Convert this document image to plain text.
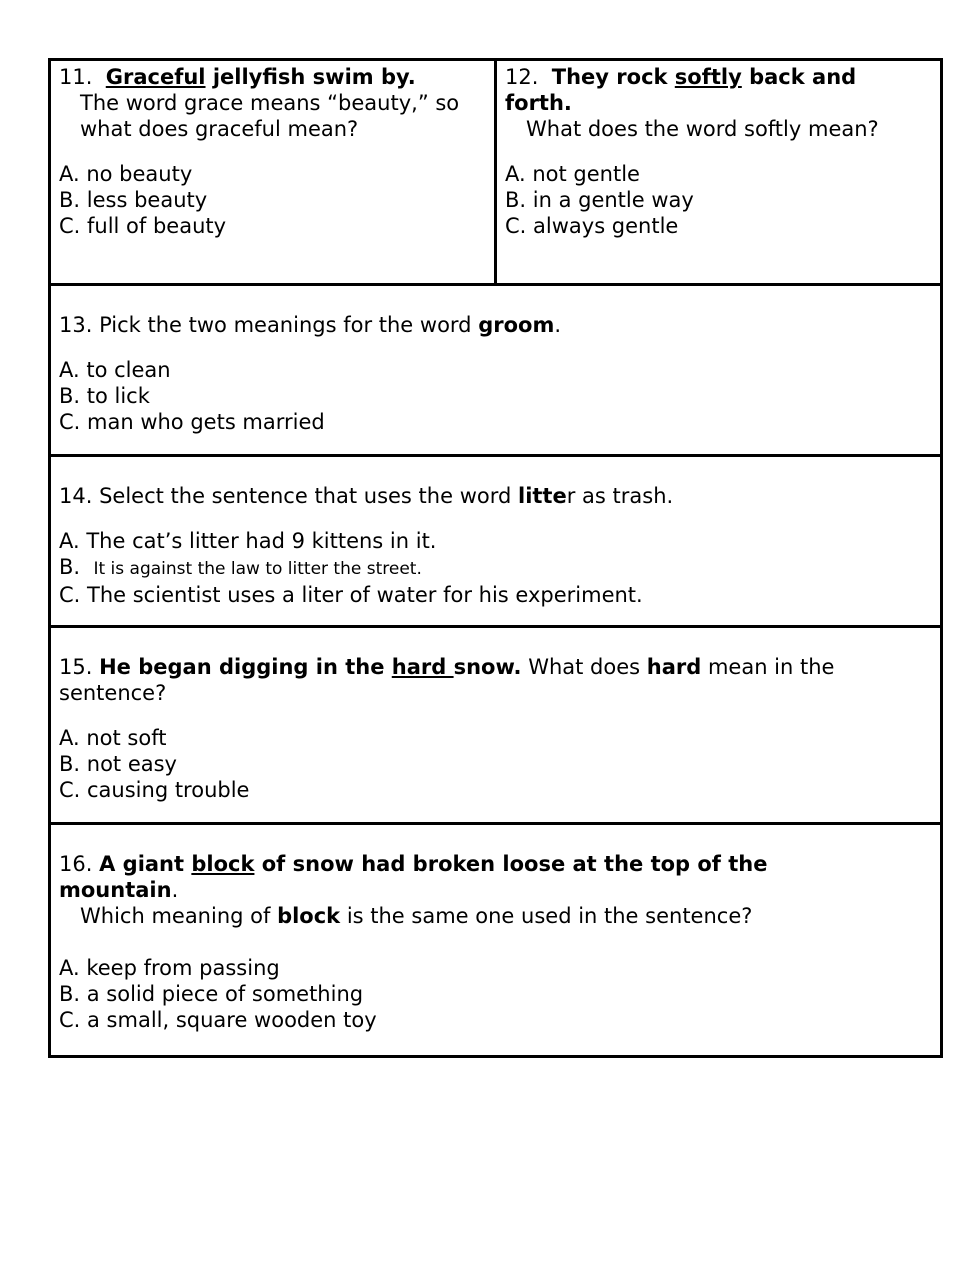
11. Graceful jellyfish swim by.
The word grace means “beauty,” so
what does graceful mean?
A. no beauty
B. less beauty
C. full of beauty
12. They rock softly back and
forth.
What does the word softly mean?
A. not gentle
B. in a gentle way
C. always gentle
13. Pick the two meanings for the word groom.
A. to clean
B. to lick
C. man who gets married
14. Select the sentence that uses the word litter as trash.
A. The cat’s litter had 9 kittens in it.
B. It is against the law to litter the street.
C. The scientist uses a liter of water for his experiment.
15. He began digging in the hard snow. What does hard mean in the
sentence?
A. not soft
B. not easy
C. causing trouble
16. A giant block of snow had broken loose at the top of the
mountain.
Which meaning of block is the same one used in the sentence?
A. keep from passing
B. a solid piece of something
C. a small, square wooden toy
